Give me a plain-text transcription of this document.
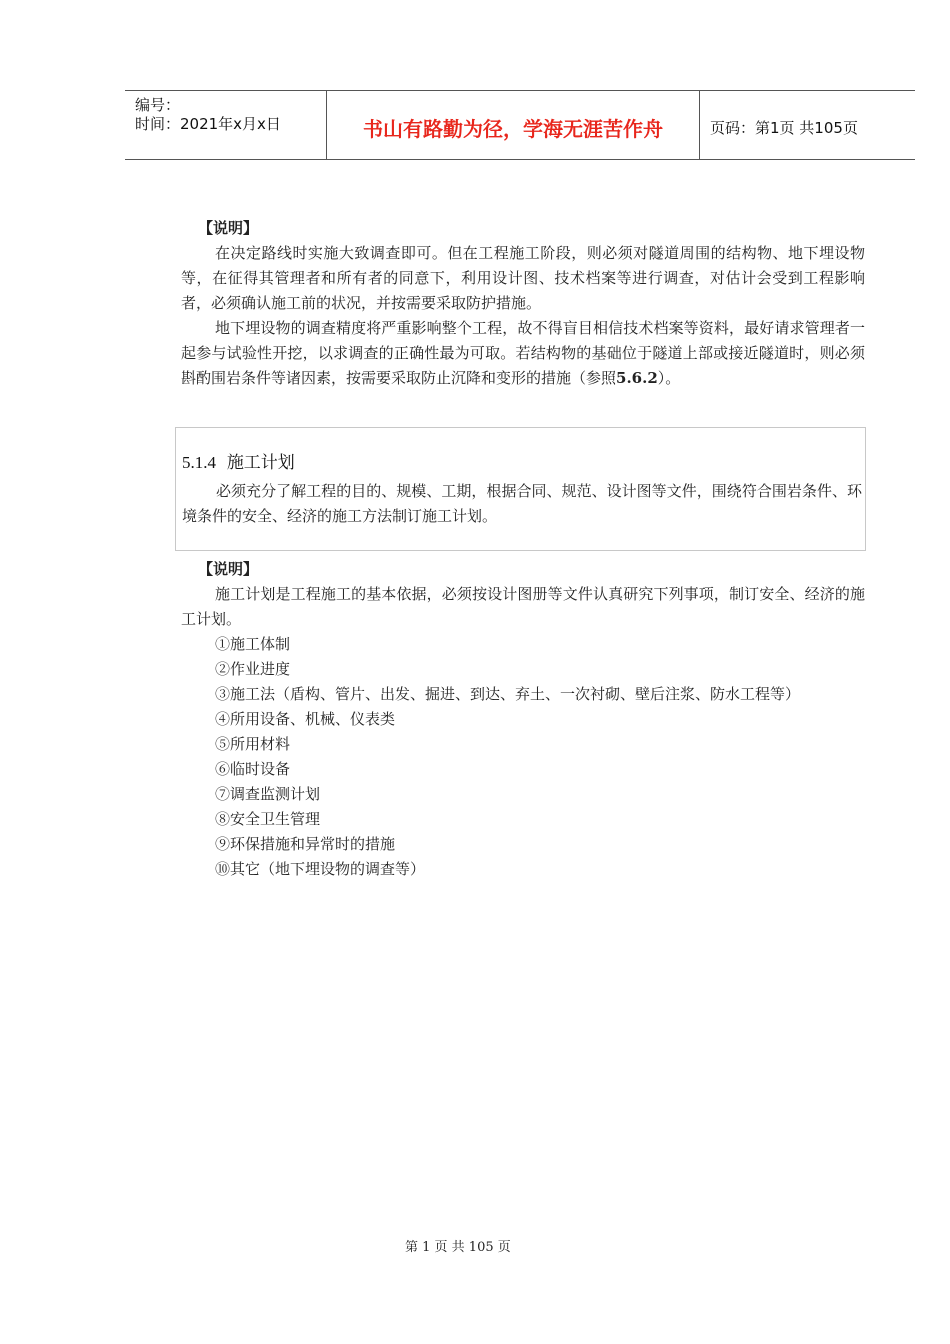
编号：
时间：2021年x月x日	书山有路勤为径，学海无涯苦作舟	页码：第1页 共105页

【说明】

在决定路线时实施大致调查即可。但在工程施工阶段，则必须对隧道周围的结构物、地下埋设物等，在征得其管理者和所有者的同意下，利用设计图、技术档案等进行调查，对估计会受到工程影响者，必须确认施工前的状况，并按需要采取防护措施。

地下埋设物的调查精度将严重影响整个工程，故不得盲目相信技术档案等资料，最好请求管理者一起参与试验性开挖，以求调查的正确性最为可取。若结构物的基础位于隧道上部或接近隧道时，则必须斟酌围岩条件等诸因素，按需要采取防止沉降和变形的措施（参照5.6.2）。

5.1.4 施工计划

必须充分了解工程的目的、规模、工期，根据合同、规范、设计图等文件，围绕符合围岩条件、环境条件的安全、经济的施工方法制订施工计划。

【说明】

施工计划是工程施工的基本依据，必须按设计图册等文件认真研究下列事项，制订安全、经济的施工计划。

①施工体制
②作业进度
③施工法（盾构、管片、出发、掘进、到达、弃土、一次衬砌、壁后注浆、防水工程等）
④所用设备、机械、仪表类
⑤所用材料
⑥临时设备
⑦调查监测计划
⑧安全卫生管理
⑨环保措施和异常时的措施
⑩其它（地下埋设物的调查等）
第 1 页 共 105 页
